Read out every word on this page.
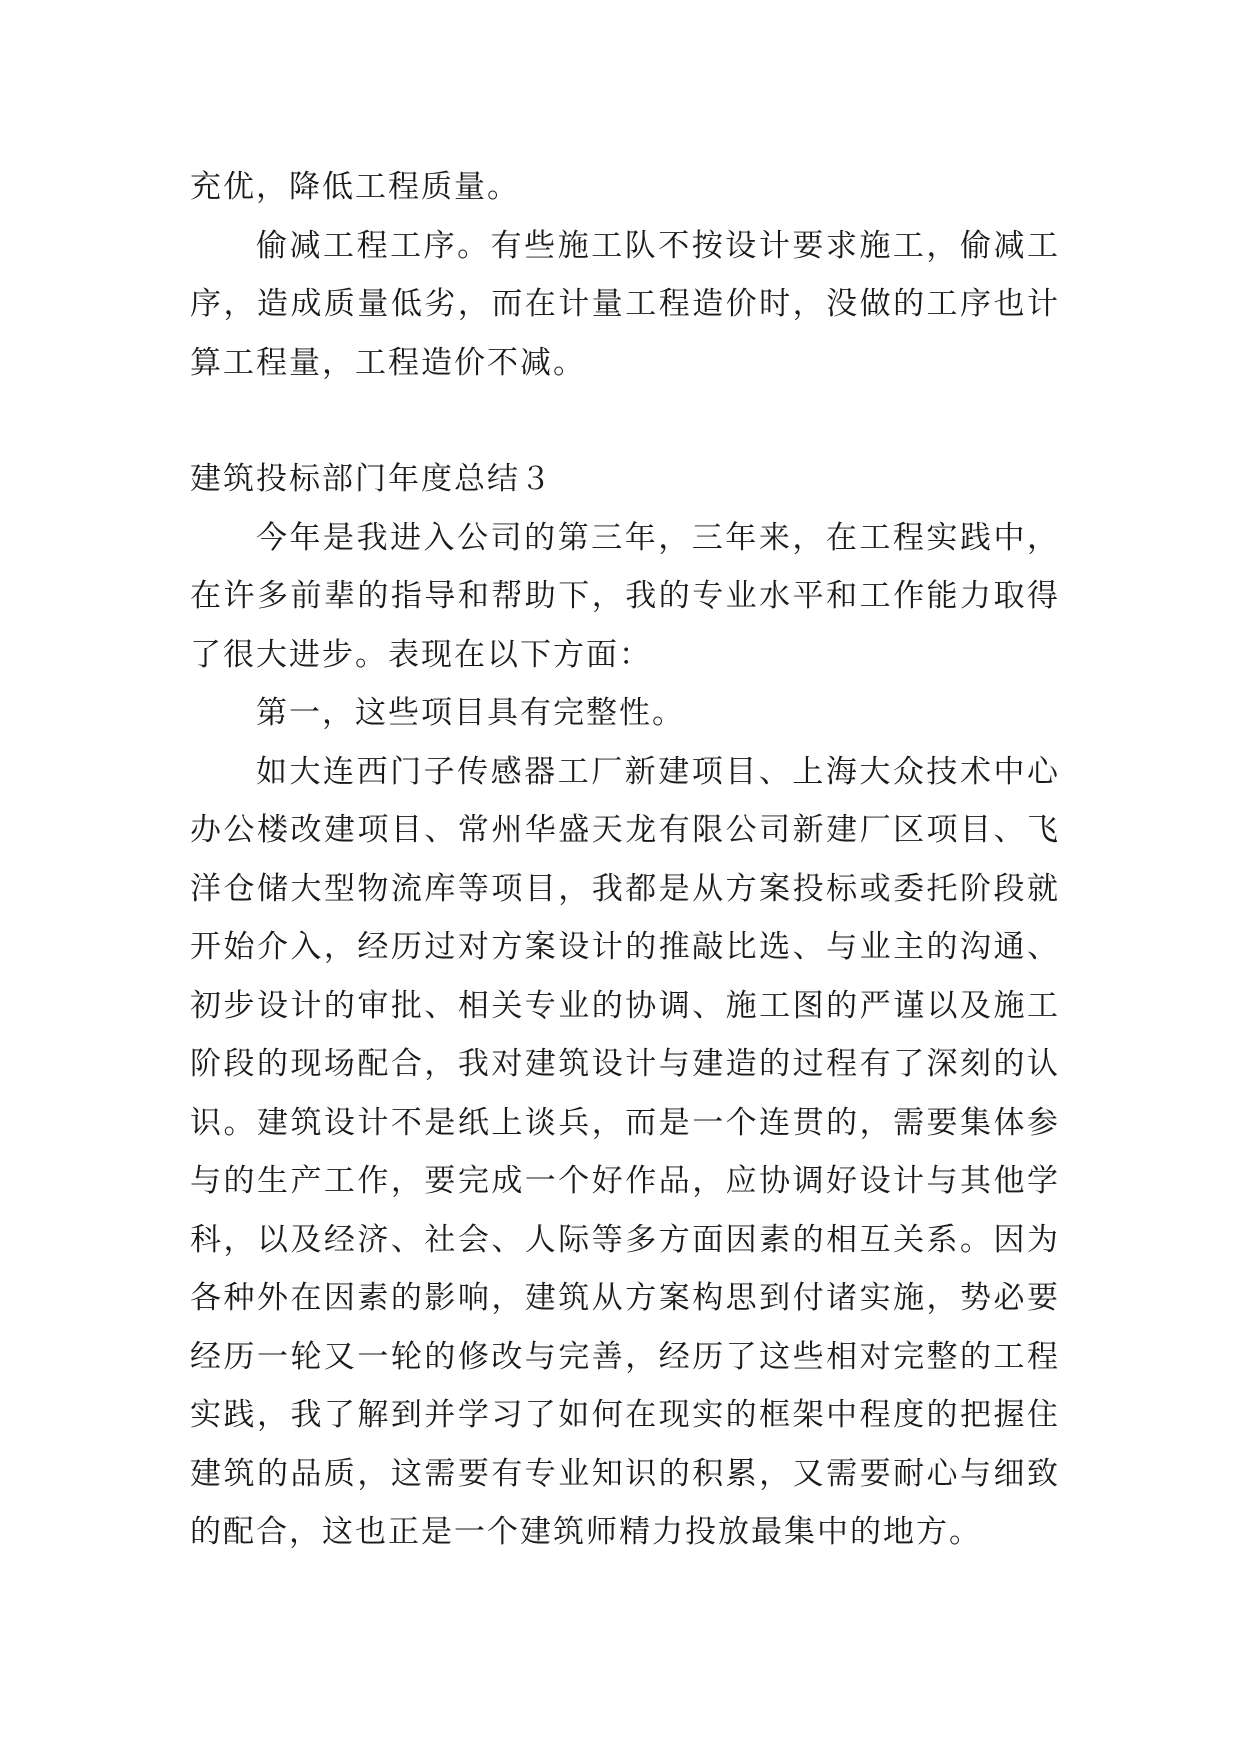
充优，降低工程质量。

偷减工程工序。有些施工队不按设计要求施工，偷减工序，造成质量低劣，而在计量工程造价时，没做的工序也计算工程量，工程造价不减。

建筑投标部门年度总结３

今年是我进入公司的第三年，三年来，在工程实践中，在许多前辈的指导和帮助下，我的专业水平和工作能力取得了很大进步。表现在以下方面：

第一，这些项目具有完整性。

如大连西门子传感器工厂新建项目、上海大众技术中心办公楼改建项目、常州华盛天龙有限公司新建厂区项目、飞洋仓储大型物流库等项目，我都是从方案投标或委托阶段就开始介入，经历过对方案设计的推敲比选、与业主的沟通、初步设计的审批、相关专业的协调、施工图的严谨以及施工阶段的现场配合，我对建筑设计与建造的过程有了深刻的认识。建筑设计不是纸上谈兵，而是一个连贯的，需要集体参与的生产工作，要完成一个好作品，应协调好设计与其他学科，以及经济、社会、人际等多方面因素的相互关系。因为各种外在因素的影响，建筑从方案构思到付诸实施，势必要经历一轮又一轮的修改与完善，经历了这些相对完整的工程实践，我了解到并学习了如何在现实的框架中程度的把握住建筑的品质，这需要有专业知识的积累，又需要耐心与细致的配合，这也正是一个建筑师精力投放最集中的地方。
